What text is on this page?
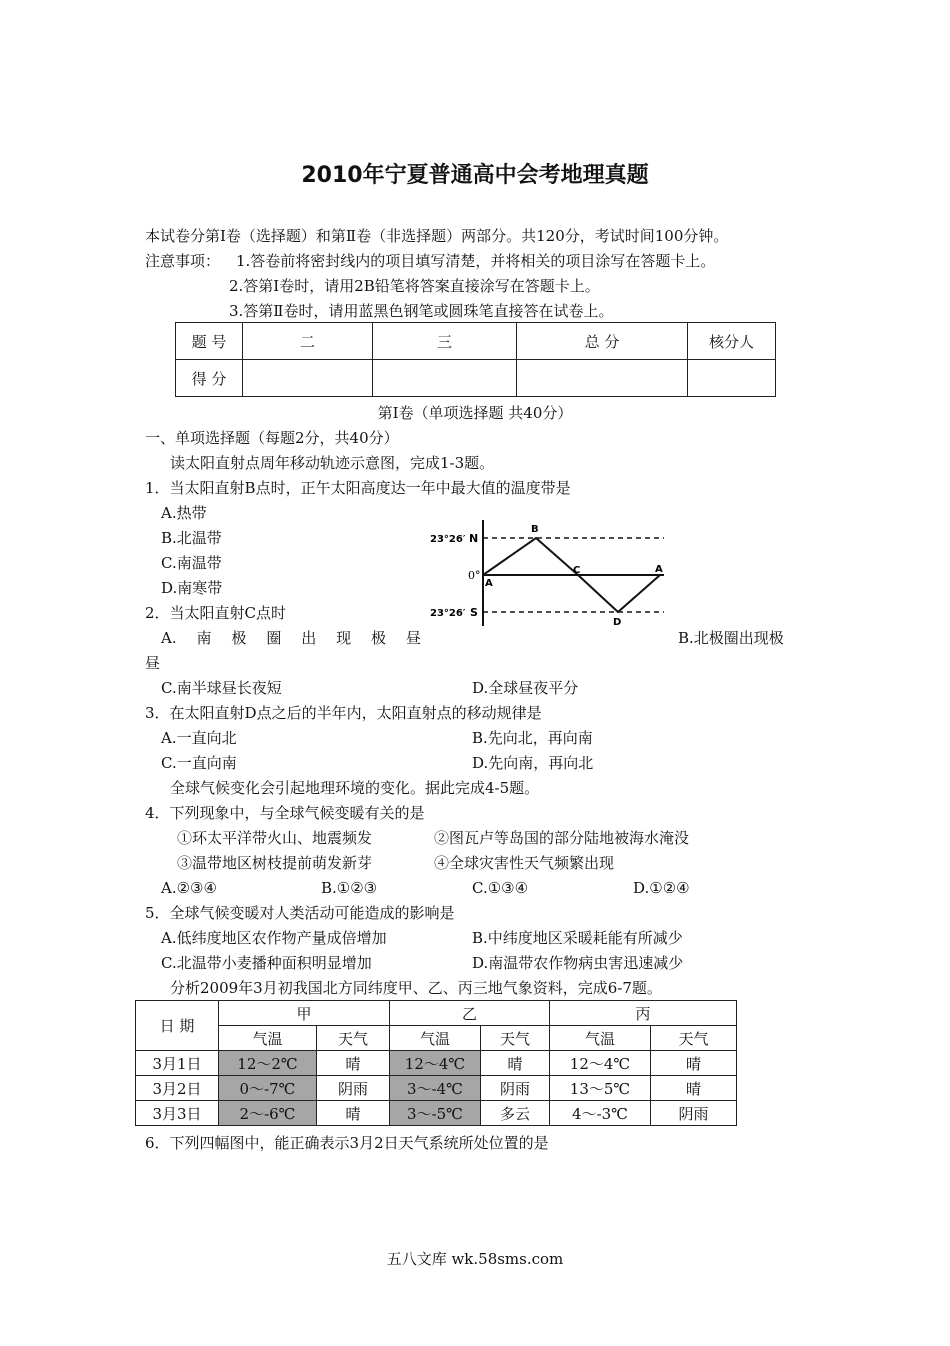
2010年宁夏普通高中会考地理真题
本试卷分第Ⅰ卷（选择题）和第Ⅱ卷（非选择题）两部分。共120分，考试时间100分钟。
注意事项： 1.答卷前将密封线内的项目填写清楚，并将相关的项目涂写在答题卡上。
2.答第Ⅰ卷时，请用2B铅笔将答案直接涂写在答题卡上。
3.答第Ⅱ卷时，请用蓝黑色钢笔或圆珠笔直接答在试卷上。
题 号	二	三	总 分	核分人
得 分				
第Ⅰ卷（单项选择题 共40分）
一、单项选择题（每题2分，共40分）
读太阳直射点周年移动轨迹示意图，完成1-3题。
1．当太阳直射B点时，正午太阳高度达一年中最大值的温度带是
A.热带
B.北温带
C.南温带
D.南寒带
23°26′ N
0°
23°26′ S
A
B
C
D
A
2．当太阳直射C点时
A. 南 极 圈 出 现 极 昼	B.北极圈出现极
昼
C.南半球昼长夜短	D.全球昼夜平分
3．在太阳直射D点之后的半年内，太阳直射点的移动规律是
A.一直向北	B.先向北，再向南
C.一直向南	D.先向南，再向北
全球气候变化会引起地理环境的变化。据此完成4-5题。
4．下列现象中，与全球气候变暖有关的是
①环太平洋带火山、地震频发	②图瓦卢等岛国的部分陆地被海水淹没
③温带地区树枝提前萌发新芽	④全球灾害性天气频繁出现
A.②③④	B.①②③	C.①③④	D.①②④
5．全球气候变暖对人类活动可能造成的影响是
A.低纬度地区农作物产量成倍增加	B.中纬度地区采暖耗能有所减少
C.北温带小麦播种面积明显增加	D.南温带农作物病虫害迅速减少
分析2009年3月初我国北方同纬度甲、乙、丙三地气象资料，完成6-7题。
日 期	甲		乙		丙	
	气温	天气	气温	天气	气温	天气
3月1日	12～2℃	晴	12～4℃	晴	12～4℃	晴
3月2日	0～-7℃	阴雨	3～-4℃	阴雨	13～5℃	晴
3月3日	2～-6℃	晴	3～-5℃	多云	4～-3℃	阴雨
6．下列四幅图中，能正确表示3月2日天气系统所处位置的是
五八文库 wk.58sms.com
